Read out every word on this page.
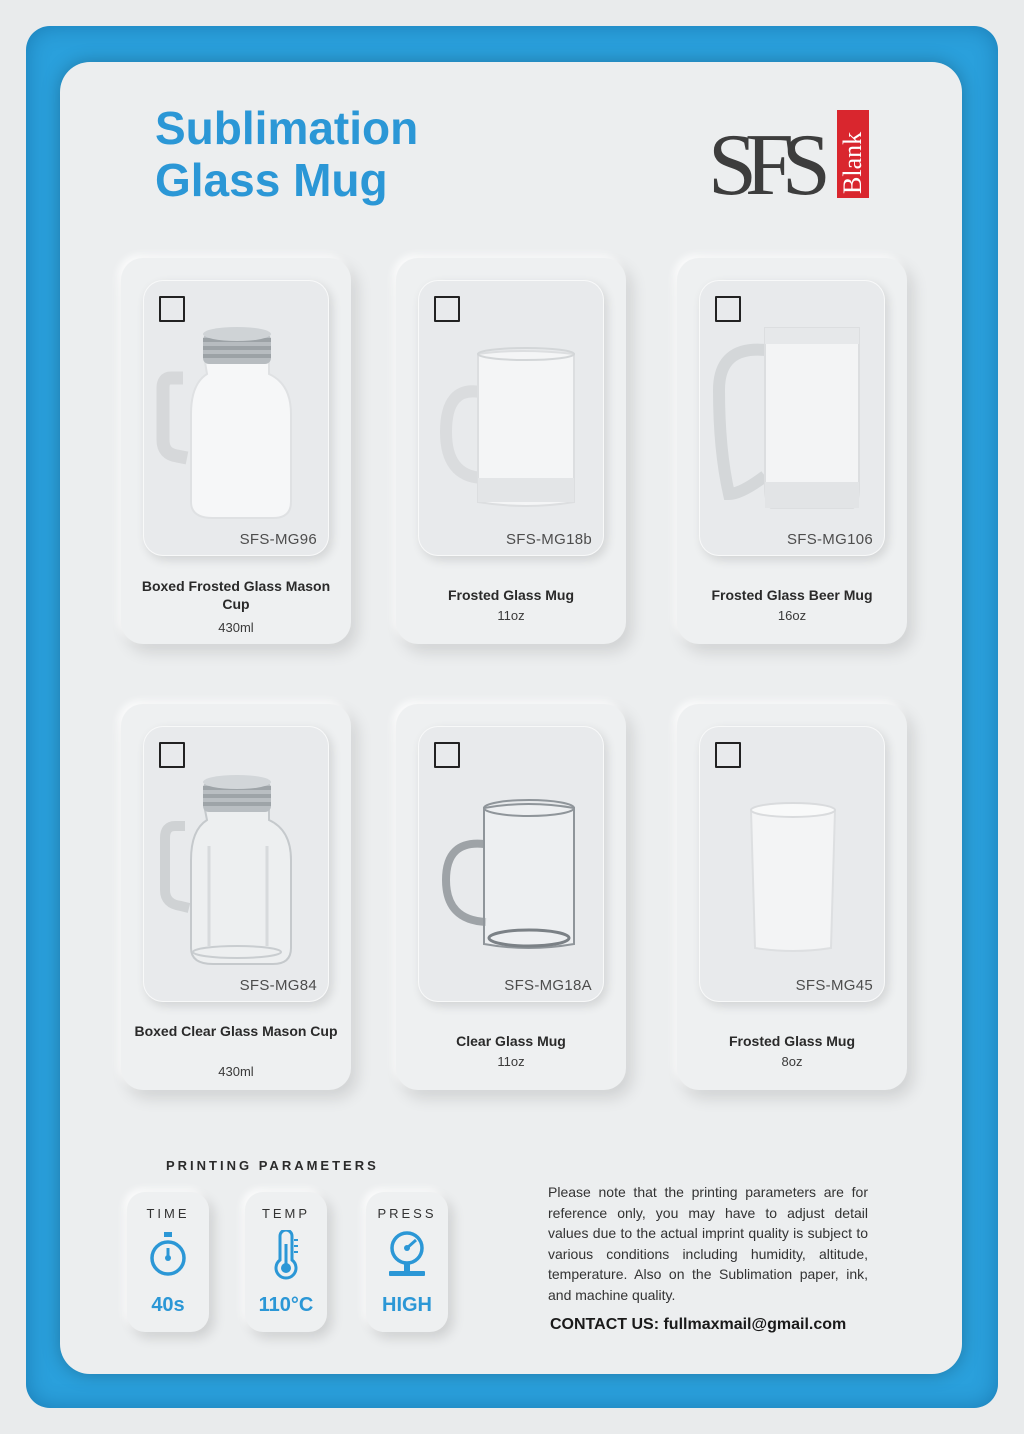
Sublimation
Glass Mug	SFS Blank
SFS-MG96
Boxed Frosted Glass Mason Cup
430ml
SFS-MG18b
Frosted Glass Mug
11oz
SFS-MG106
Frosted Glass Beer Mug
16oz
SFS-MG84
Boxed Clear Glass Mason Cup
430ml
SFS-MG18A
Clear Glass Mug
11oz
SFS-MG45
Frosted Glass Mug
8oz
PRINTING PARAMETERS
TIME
40s
TEMP
110°C
PRESS
HIGH

Please note that the printing parameters are for reference only, you may have to adjust detail values due to the actual imprint quality is subject to various conditions including humidity, altitude, temperature. Also on the Sublimation paper, ink, and machine quality.

CONTACT US: fullmaxmail@gmail.com
